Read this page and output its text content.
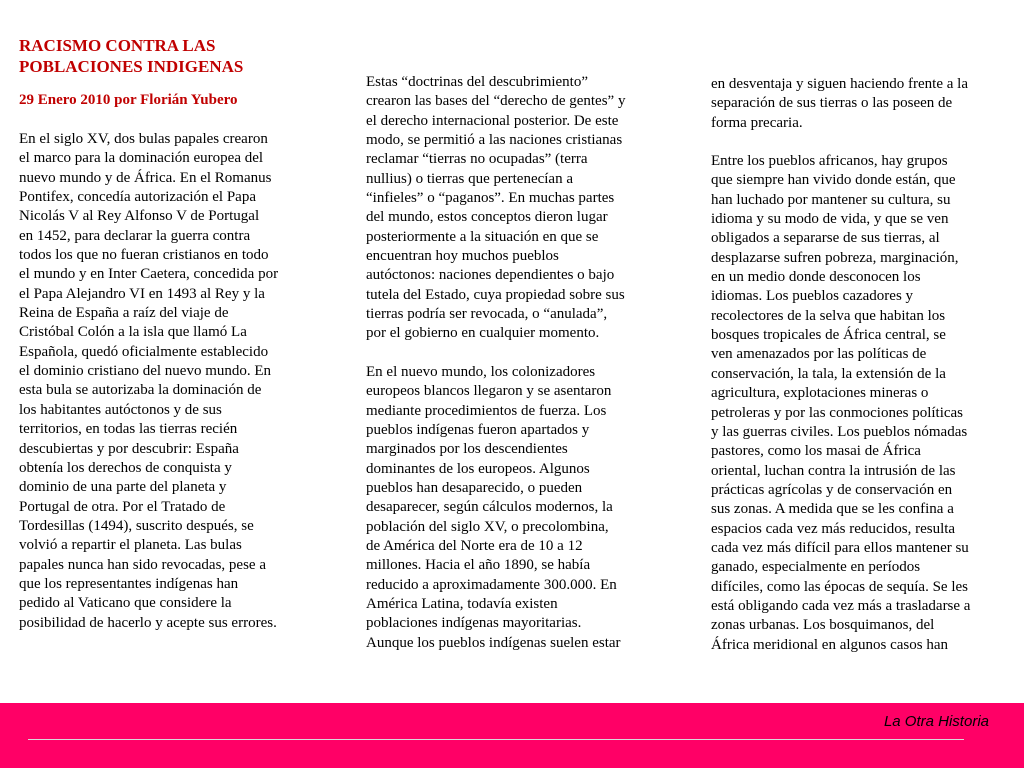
RACISMO CONTRA LAS
POBLACIONES INDIGENAS
29 Enero 2010 por Florián Yubero
En el siglo XV, dos bulas papales crearon
el marco para la dominación europea del
nuevo mundo y de África. En el Romanus
Pontifex, concedía autorización el Papa
Nicolás V al Rey Alfonso V de Portugal
en 1452, para declarar la guerra contra
todos los que no fueran cristianos en todo
el mundo y en Inter Caetera, concedida por
el Papa Alejandro VI en 1493 al Rey y la
Reina de España a raíz del viaje de
Cristóbal Colón a la isla que llamó La
Española, quedó oficialmente establecido
el dominio cristiano del nuevo mundo. En
esta bula se autorizaba la dominación de
los habitantes autóctonos y de sus
territorios, en todas las tierras recién
descubiertas y por descubrir: España
obtenía los derechos de conquista y
dominio de una parte del planeta y
Portugal de otra. Por el Tratado de
Tordesillas (1494), suscrito después, se
volvió a repartir el planeta. Las bulas
papales nunca han sido revocadas, pese a
que los representantes indígenas han
pedido al Vaticano que considere la
posibilidad de hacerlo y acepte sus errores.
Estas “doctrinas del descubrimiento”
crearon las bases del “derecho de gentes” y
el derecho internacional posterior. De este
modo, se permitió a las naciones cristianas
reclamar “tierras no ocupadas” (terra
nullius) o tierras que pertenecían a
“infieles” o “paganos”. En muchas partes
del mundo, estos conceptos dieron lugar
posteriormente a la situación en que se
encuentran hoy muchos pueblos
autóctonos: naciones dependientes o bajo
tutela del Estado, cuya propiedad sobre sus
tierras podría ser revocada, o “anulada”,
por el gobierno en cualquier momento.
En el nuevo mundo, los colonizadores
europeos blancos llegaron y se asentaron
mediante procedimientos de fuerza. Los
pueblos indígenas fueron apartados y
marginados por los descendientes
dominantes de los europeos. Algunos
pueblos han desaparecido, o pueden
desaparecer, según cálculos modernos, la
población del siglo XV, o precolombina,
de América del Norte era de 10 a 12
millones. Hacia el año 1890, se había
reducido a aproximadamente 300.000. En
América Latina, todavía existen
poblaciones indígenas mayoritarias.
Aunque los pueblos indígenas suelen estar
en desventaja y siguen haciendo frente a la
separación de sus tierras o las poseen de
forma precaria.
Entre los pueblos africanos, hay grupos
que siempre han vivido donde están, que
han luchado por mantener su cultura, su
idioma y su modo de vida, y que se ven
obligados a separarse de sus tierras, al
desplazarse sufren pobreza, marginación,
en un medio donde desconocen los
idiomas. Los pueblos cazadores y
recolectores de la selva que habitan los
bosques tropicales de África central, se
ven amenazados por las políticas de
conservación, la tala, la extensión de la
agricultura, explotaciones mineras o
petroleras y por las conmociones políticas
y las guerras civiles. Los pueblos nómadas
pastores, como los masai de África
oriental, luchan contra la intrusión de las
prácticas agrícolas y de conservación en
sus zonas. A medida que se les confina a
espacios cada vez más reducidos, resulta
cada vez más difícil para ellos mantener su
ganado, especialmente en períodos
difíciles, como las épocas de sequía. Se les
está obligando cada vez más a trasladarse a
zonas urbanas. Los bosquimanos, del
África meridional en algunos casos han
La Otra Historia
